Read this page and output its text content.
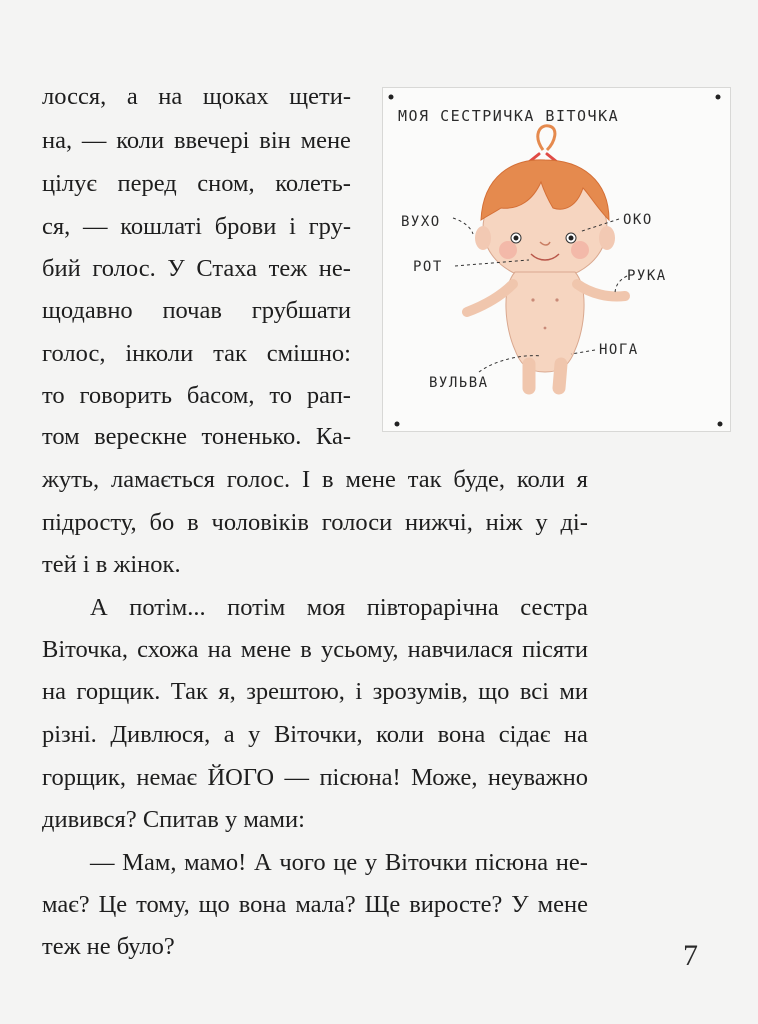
лосся, а на щоках щети-
на, — коли ввечері він мене
цілує перед сном, колеть-
ся, — кошлаті брови і гру-
бий голос. У Стаха теж не-
щодавно почав грубшати
голос, інколи так смішно:
то говорить басом, то рап-
том верескне тоненько. Ка-
жуть, ламається голос. І в мене так буде, коли я
підросту, бо в чоловіків голоси нижчі, ніж у ді-
тей і в жінок.
А потім... потім моя півторарічна сестра
Віточка, схожа на мене в усьому, навчилася пісяти
на горщик. Так я, зрештою, і зрозумів, що всі ми
різні. Дивлюся, а у Віточки, коли вона сідає на
горщик, немає ЙОГО — пісюна! Може, неуважно
дивився? Спитав у мами:
— Мам, мамо! А чого це у Віточки пісюна не-
має? Це тому, що вона мала? Ще виросте? У мене
теж не було?
МОЯ СЕСТРИЧКА ВІТОЧКА
ВУХО	ОКО
РОТ
РУКА
НОГА
ВУЛЬВА
7
